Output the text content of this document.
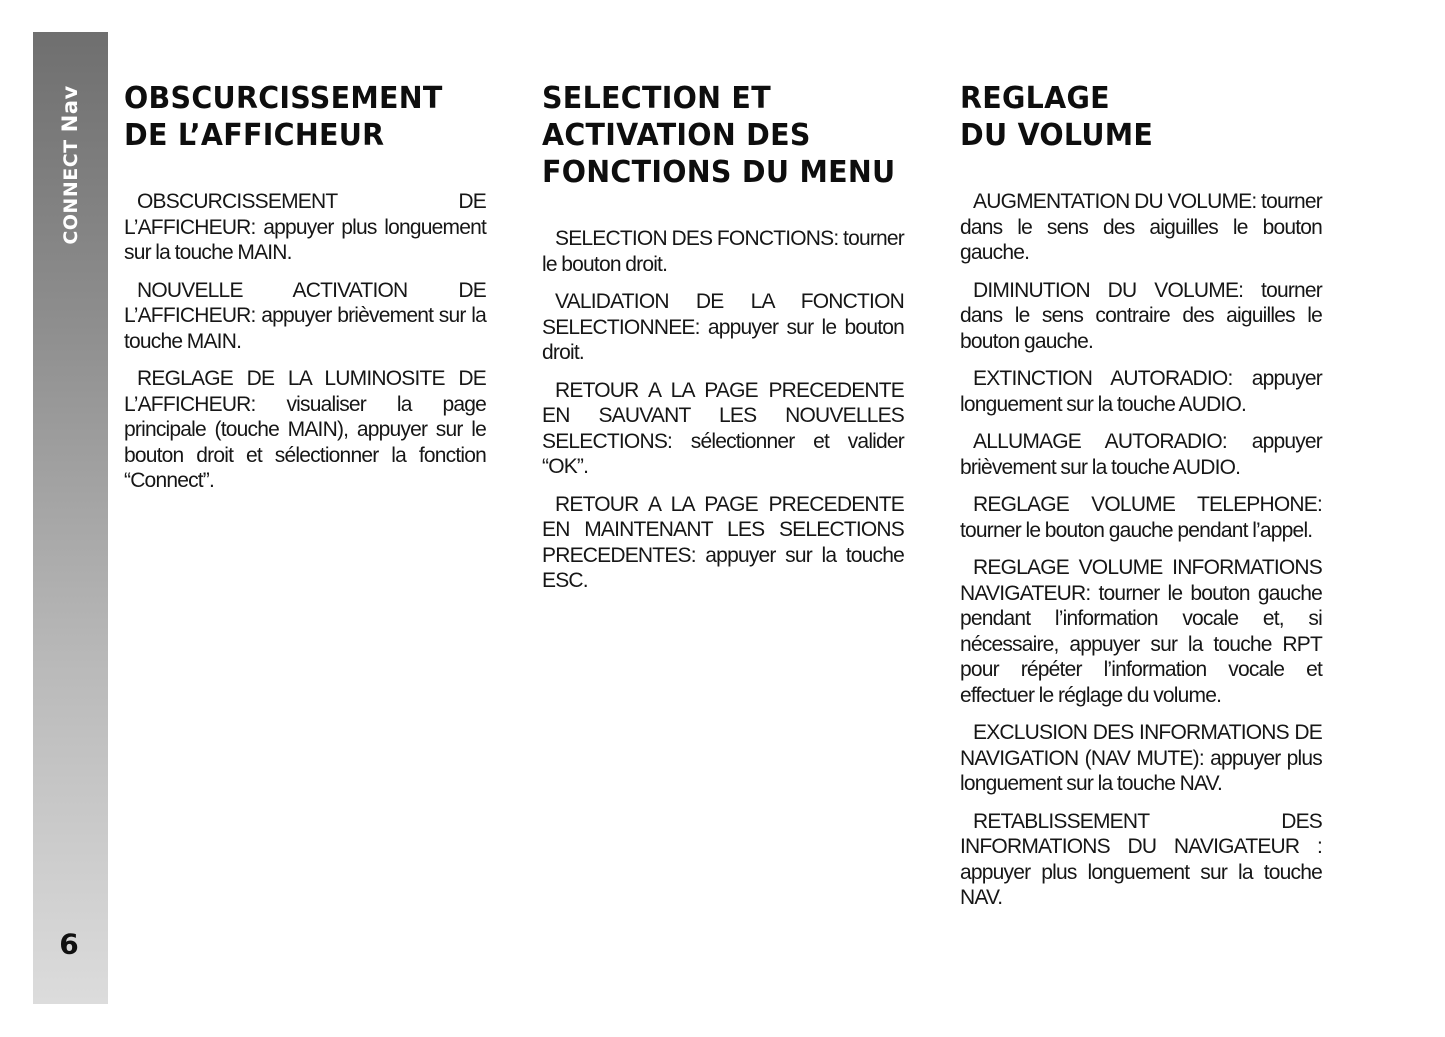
CONNECT Nav
6
OBSCURCISSEMENT
DE L’AFFICHEUR

OBSCURCISSEMENT DE L’AFFICHEUR: appuyer plus longuement sur la touche MAIN.

NOUVELLE ACTIVATION DE L’AFFICHEUR: appuyer brièvement sur la touche MAIN.

REGLAGE DE LA LUMINOSITE DE L’AFFICHEUR: visualiser la page principale (touche MAIN), appuyer sur le bouton droit et sélectionner la fonction “Connect”.

SELECTION ET
ACTIVATION DES
FONCTIONS DU MENU

SELECTION DES FONCTIONS: tourner le bouton droit.

VALIDATION DE LA FONCTION SELECTIONNEE: appuyer sur le bouton droit.

RETOUR A LA PAGE PRECEDENTE EN SAUVANT LES NOUVELLES SELECTIONS: sélectionner et valider “OK”.

RETOUR A LA PAGE PRECEDENTE EN MAINTENANT LES SELECTIONS PRECEDENTES: appuyer sur la touche ESC.

REGLAGE
DU VOLUME

AUGMENTATION DU VOLUME: tourner dans le sens des aiguilles le bouton gauche.

DIMINUTION DU VOLUME: tourner dans le sens contraire des aiguilles le bouton gauche.

EXTINCTION AUTORADIO: appuyer longuement sur la touche AUDIO.

ALLUMAGE AUTORADIO: appuyer brièvement sur la touche AUDIO.

REGLAGE VOLUME TELEPHONE: tourner le bouton gauche pendant l’appel.

REGLAGE VOLUME INFORMATIONS NAVIGATEUR: tourner le bouton gauche pendant l’information vocale et, si nécessaire, appuyer sur la touche RPT pour répéter l’information vocale et effectuer le réglage du volume.

EXCLUSION DES INFORMATIONS DE NAVIGATION (NAV MUTE): appuyer plus longuement sur la touche NAV.

RETABLISSEMENT DES INFORMATIONS DU NAVIGATEUR : appuyer plus longuement sur la touche NAV.
